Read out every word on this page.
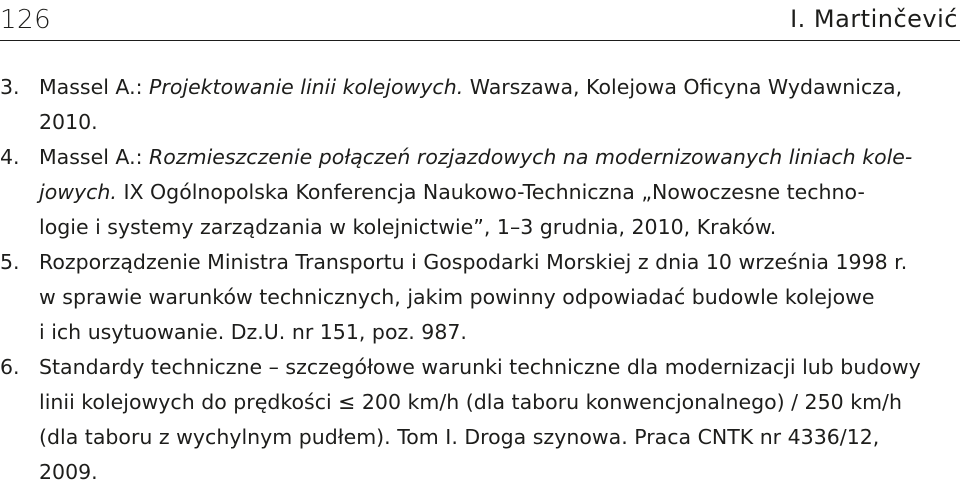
126	I. Martinčević
3. Massel A.: Projektowanie linii kolejowych. Warszawa, Kolejowa Oficyna Wydawnicza,
2010.
4. Massel A.: Rozmieszczenie połączeń rozjazdowych na modernizowanych liniach kole-
jowych. IX Ogólnopolska Konferencja Naukowo-Techniczna „Nowoczesne techno-
logie i systemy zarządzania w kolejnictwie”, 1–3 grudnia, 2010, Kraków.
5. Rozporządzenie Ministra Transportu i Gospodarki Morskiej z dnia 10 września 1998 r.
w sprawie warunków technicznych, jakim powinny odpowiadać budowle kolejowe
i ich usytuowanie. Dz.U. nr 151, poz. 987.
6. Standardy techniczne – szczegółowe warunki techniczne dla modernizacji lub budowy
linii kolejowych do prędkości ≤ 200 km/h (dla taboru konwencjonalnego) / 250 km/h
(dla taboru z wychylnym pudłem). Tom I. Droga szynowa. Praca CNTK nr 4336/12,
2009.
